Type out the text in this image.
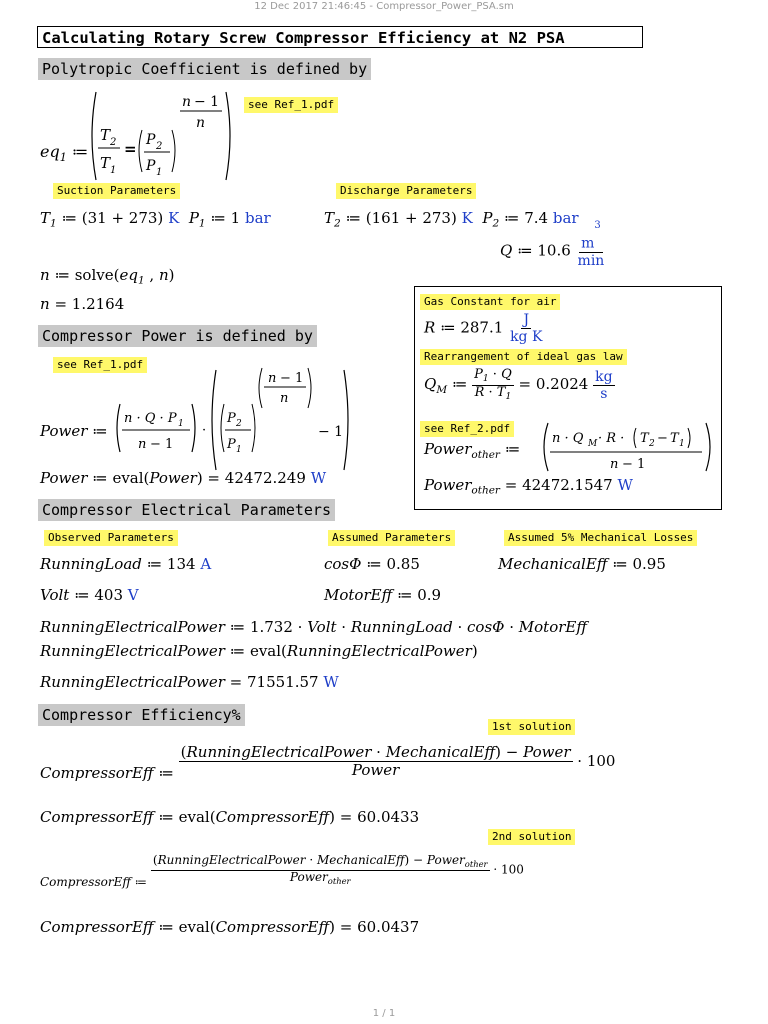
12 Dec 2017 21:46:45 - Compressor_Power_PSA.sm
1 / 1
Calculating Rotary Screw Compressor Efficiency at N2 PSA
Polytropic Coefficient is defined by
$eq_1$ ≔
T 2
T 1
= P 2
P 1
n − 1
n
see Ref_1.pdf
Suction Parameters	Discharge Parameters
$T_1$ ≔ (31 + 273) K $P_1$ ≔ 1 bar	$T_2$ ≔ (161 + 273) K $P_2$ ≔ 7.4 bar
Q ≔ $10.6 \frac{m^3}{\min}$
n ≔ $solve(eq_1$ , n)
n = 1.2164	Gas Constant for air
R ≔ $287.1 \frac{J}{\text{kg K}}$
Rearrangement of ideal gas law
$Q_M$ ≔ $\frac{P_1 \cdot Q}{R \cdot T_1} = 0.2024 \frac{kg}{s}$
see Ref_2.pdf
Power$_{other}$ ≔
n · Q M · R · T 2 − T 1
n − 1
Power$_{other}$ = 42472.1547 W
Compressor Power is defined by
see Ref_1.pdf
Power ≔
n · Q · P 1
n − 1
·
P 2
P 1
n − 1
n
− 1
Power ≔ eval(Power) = 42472.249 W
Compressor Electrical Parameters
Observed Parameters	Assumed Parameters	Assumed 5% Mechanical Losses
RunningLoad ≔ 134 A	cosΦ ≔ 0.85	MechanicalEff ≔ 0.95
Volt ≔ 403 V	MotorEff ≔ 0.9
RunningElectricalPower ≔ 1.732 · Volt · RunningLoad · cosΦ · MotorEff
RunningElectricalPower ≔ eval(RunningElectricalPower)
RunningElectricalPower = 71551.57 W
Compressor Efficiency%
1st solution
CompressorEff ≔ $\frac{\text{(RunningElectricalPower · MechanicalEff) − Power}}{\text{Power}} \cdot 100$
CompressorEff ≔ eval(CompressorEff) = 60.0433
2nd solution
CompressorEff ≔ $\frac{(RunningElectricalPower \cdot MechanicalEff) - Power_{other}}{Power_{other}} \cdot 100$
CompressorEff ≔ eval(CompressorEff) = 60.0437
